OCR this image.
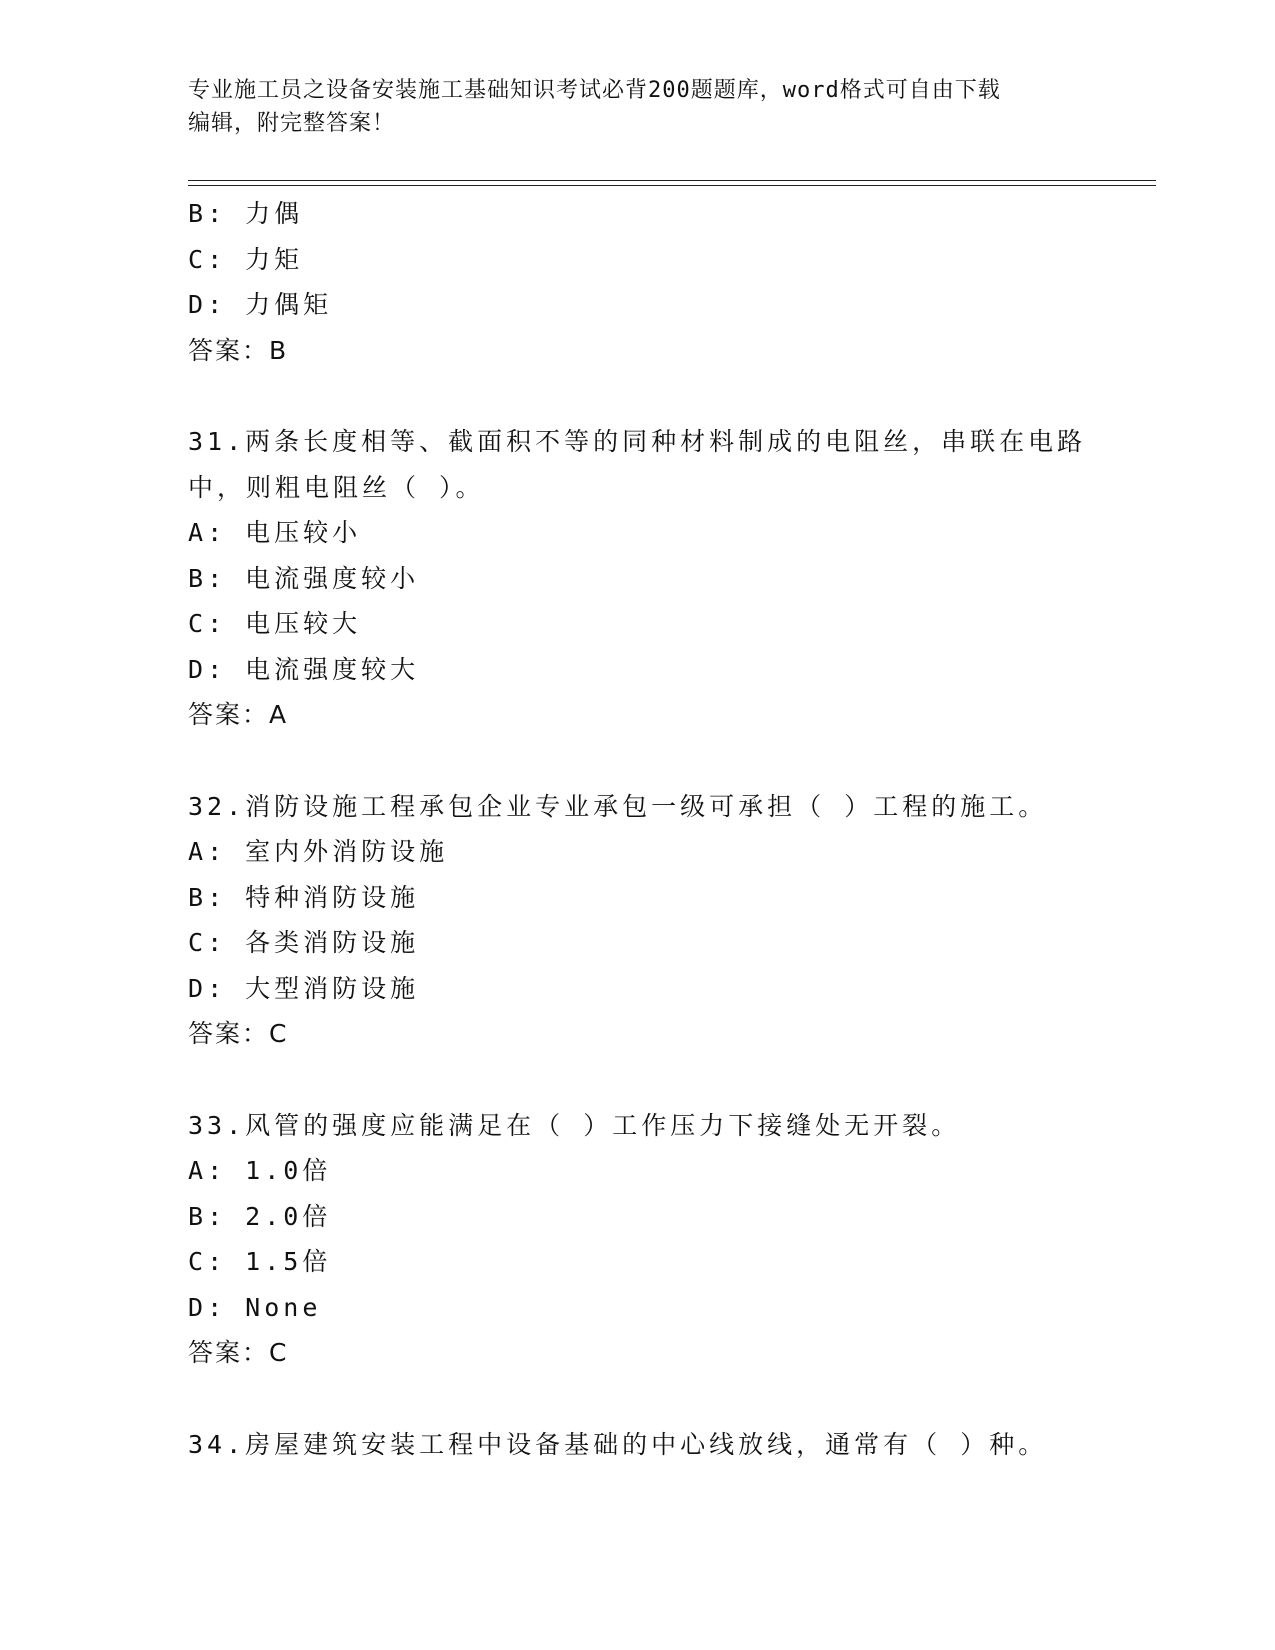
专业施工员之设备安装施工基础知识考试必背200题题库，word格式可自由下载
编辑，附完整答案！
B: 力偶
C: 力矩
D: 力偶矩
答案：B
31.两条长度相等、截面积不等的同种材料制成的电阻丝，串联在电路
中，则粗电阻丝（ ）。
A: 电压较小
B: 电流强度较小
C: 电压较大
D: 电流强度较大
答案：A
32.消防设施工程承包企业专业承包一级可承担（ ）工程的施工。
A: 室内外消防设施
B: 特种消防设施
C: 各类消防设施
D: 大型消防设施
答案：C
33.风管的强度应能满足在（ ）工作压力下接缝处无开裂。
A: 1.0倍
B: 2.0倍
C: 1.5倍
D: None
答案：C
34.房屋建筑安装工程中设备基础的中心线放线，通常有（ ）种。
